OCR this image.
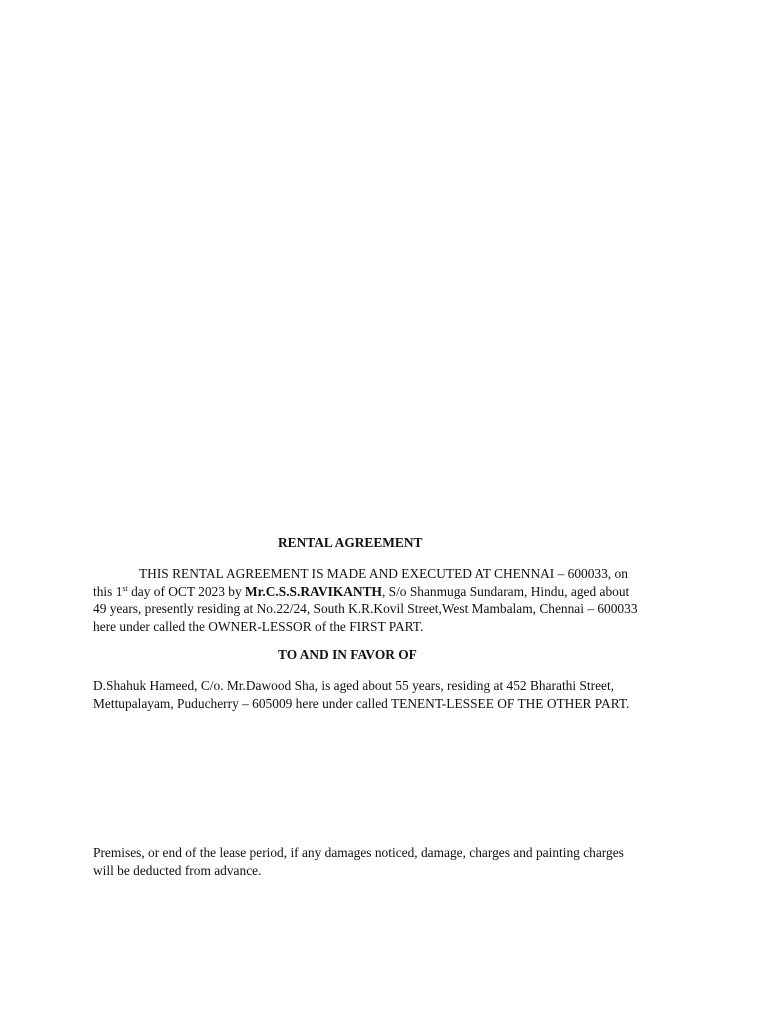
RENTAL AGREEMENT
THIS RENTAL AGREEMENT IS MADE AND EXECUTED AT CHENNAI – 600033, on
this 1st day of OCT 2023 by Mr.C.S.S.RAVIKANTH, S/o Shanmuga Sundaram, Hindu, aged about
49 years, presently residing at No.22/24, South K.R.Kovil Street,West Mambalam, Chennai – 600033
here under called the OWNER-LESSOR of the FIRST PART.
TO AND IN FAVOR OF
D.Shahuk Hameed, C/o. Mr.Dawood Sha, is aged about 55 years, residing at 452 Bharathi Street,
Mettupalayam, Puducherry – 605009 here under called TENENT-LESSEE OF THE OTHER PART.
Premises, or end of the lease period, if any damages noticed, damage, charges and painting charges
will be deducted from advance.
